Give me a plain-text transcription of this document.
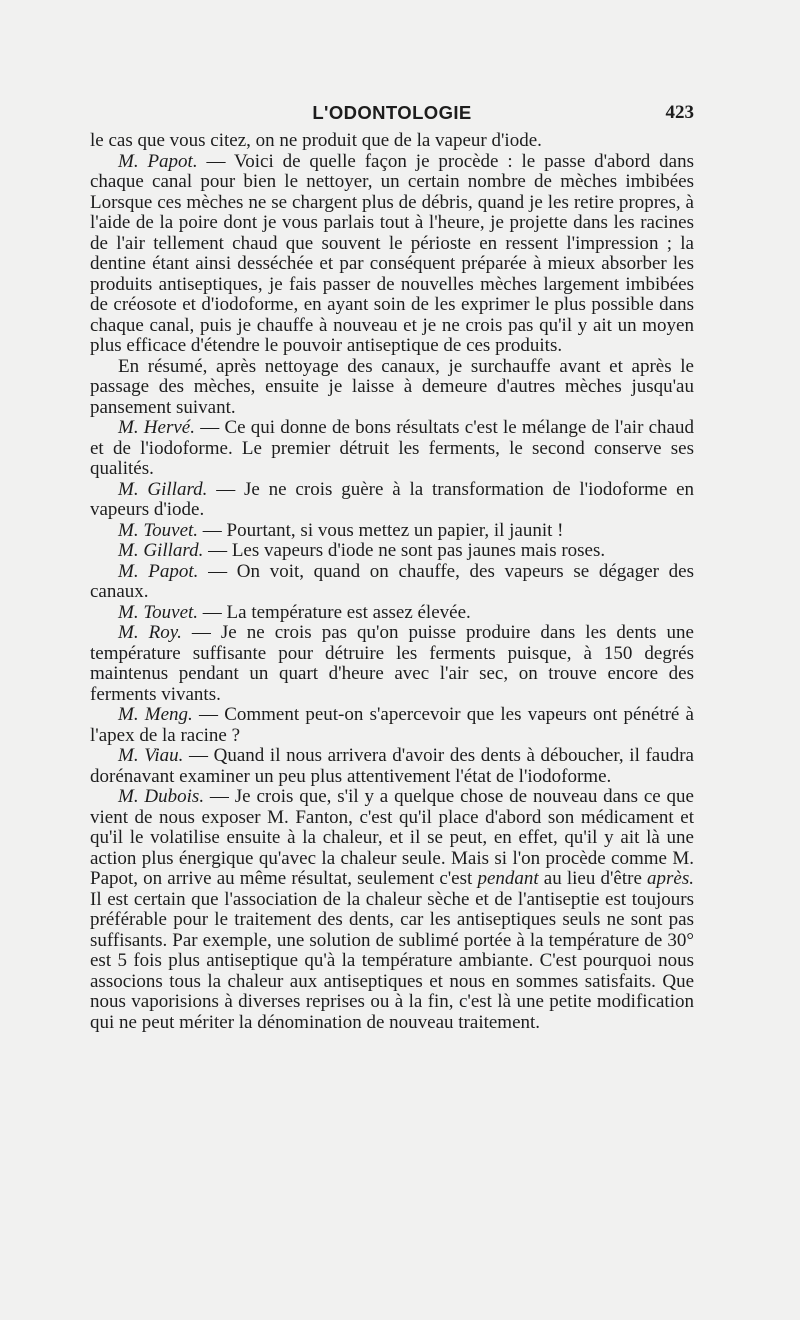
L'ODONTOLOGIE	423

le cas que vous citez, on ne produit que de la vapeur d'iode.

M. Papot. — Voici de quelle façon je procède : le passe d'abord dans chaque canal pour bien le nettoyer, un certain nombre de mèches imbibées Lorsque ces mèches ne se chargent plus de débris, quand je les retire propres, à l'aide de la poire dont je vous parlais tout à l'heure, je projette dans les racines de l'air tellement chaud que souvent le périoste en ressent l'impression ; la dentine étant ainsi desséchée et par conséquent préparée à mieux absorber les produits antiseptiques, je fais passer de nouvelles mèches largement imbibées de créosote et d'iodoforme, en ayant soin de les exprimer le plus possible dans chaque canal, puis je chauffe à nouveau et je ne crois pas qu'il y ait un moyen plus efficace d'étendre le pouvoir antiseptique de ces produits.

En résumé, après nettoyage des canaux, je surchauffe avant et après le passage des mèches, ensuite je laisse à demeure d'autres mèches jusqu'au pansement suivant.

M. Hervé. — Ce qui donne de bons résultats c'est le mélange de l'air chaud et de l'iodoforme. Le premier détruit les ferments, le second conserve ses qualités.

M. Gillard. — Je ne crois guère à la transformation de l'iodoforme en vapeurs d'iode.

M. Touvet. — Pourtant, si vous mettez un papier, il jaunit !

M. Gillard. — Les vapeurs d'iode ne sont pas jaunes mais roses.

M. Papot. — On voit, quand on chauffe, des vapeurs se dégager des canaux.

M. Touvet. — La température est assez élevée.

M. Roy. — Je ne crois pas qu'on puisse produire dans les dents une température suffisante pour détruire les ferments puisque, à 150 degrés maintenus pendant un quart d'heure avec l'air sec, on trouve encore des ferments vivants.

M. Meng. — Comment peut-on s'apercevoir que les vapeurs ont pénétré à l'apex de la racine ?

M. Viau. — Quand il nous arrivera d'avoir des dents à déboucher, il faudra dorénavant examiner un peu plus attentivement l'état de l'iodoforme.

M. Dubois. — Je crois que, s'il y a quelque chose de nouveau dans ce que vient de nous exposer M. Fanton, c'est qu'il place d'abord son médicament et qu'il le volatilise ensuite à la chaleur, et il se peut, en effet, qu'il y ait là une action plus énergique qu'avec la chaleur seule. Mais si l'on procède comme M. Papot, on arrive au même résultat, seulement c'est pendant au lieu d'être après. Il est certain que l'association de la chaleur sèche et de l'antiseptie est toujours préférable pour le traitement des dents, car les antiseptiques seuls ne sont pas suffisants. Par exemple, une solution de sublimé portée à la température de 30° est 5 fois plus antiseptique qu'à la température ambiante. C'est pourquoi nous associons tous la chaleur aux antiseptiques et nous en sommes satisfaits. Que nous vaporisions à diverses reprises ou à la fin, c'est là une petite modification qui ne peut mériter la dénomination de nouveau traitement.
